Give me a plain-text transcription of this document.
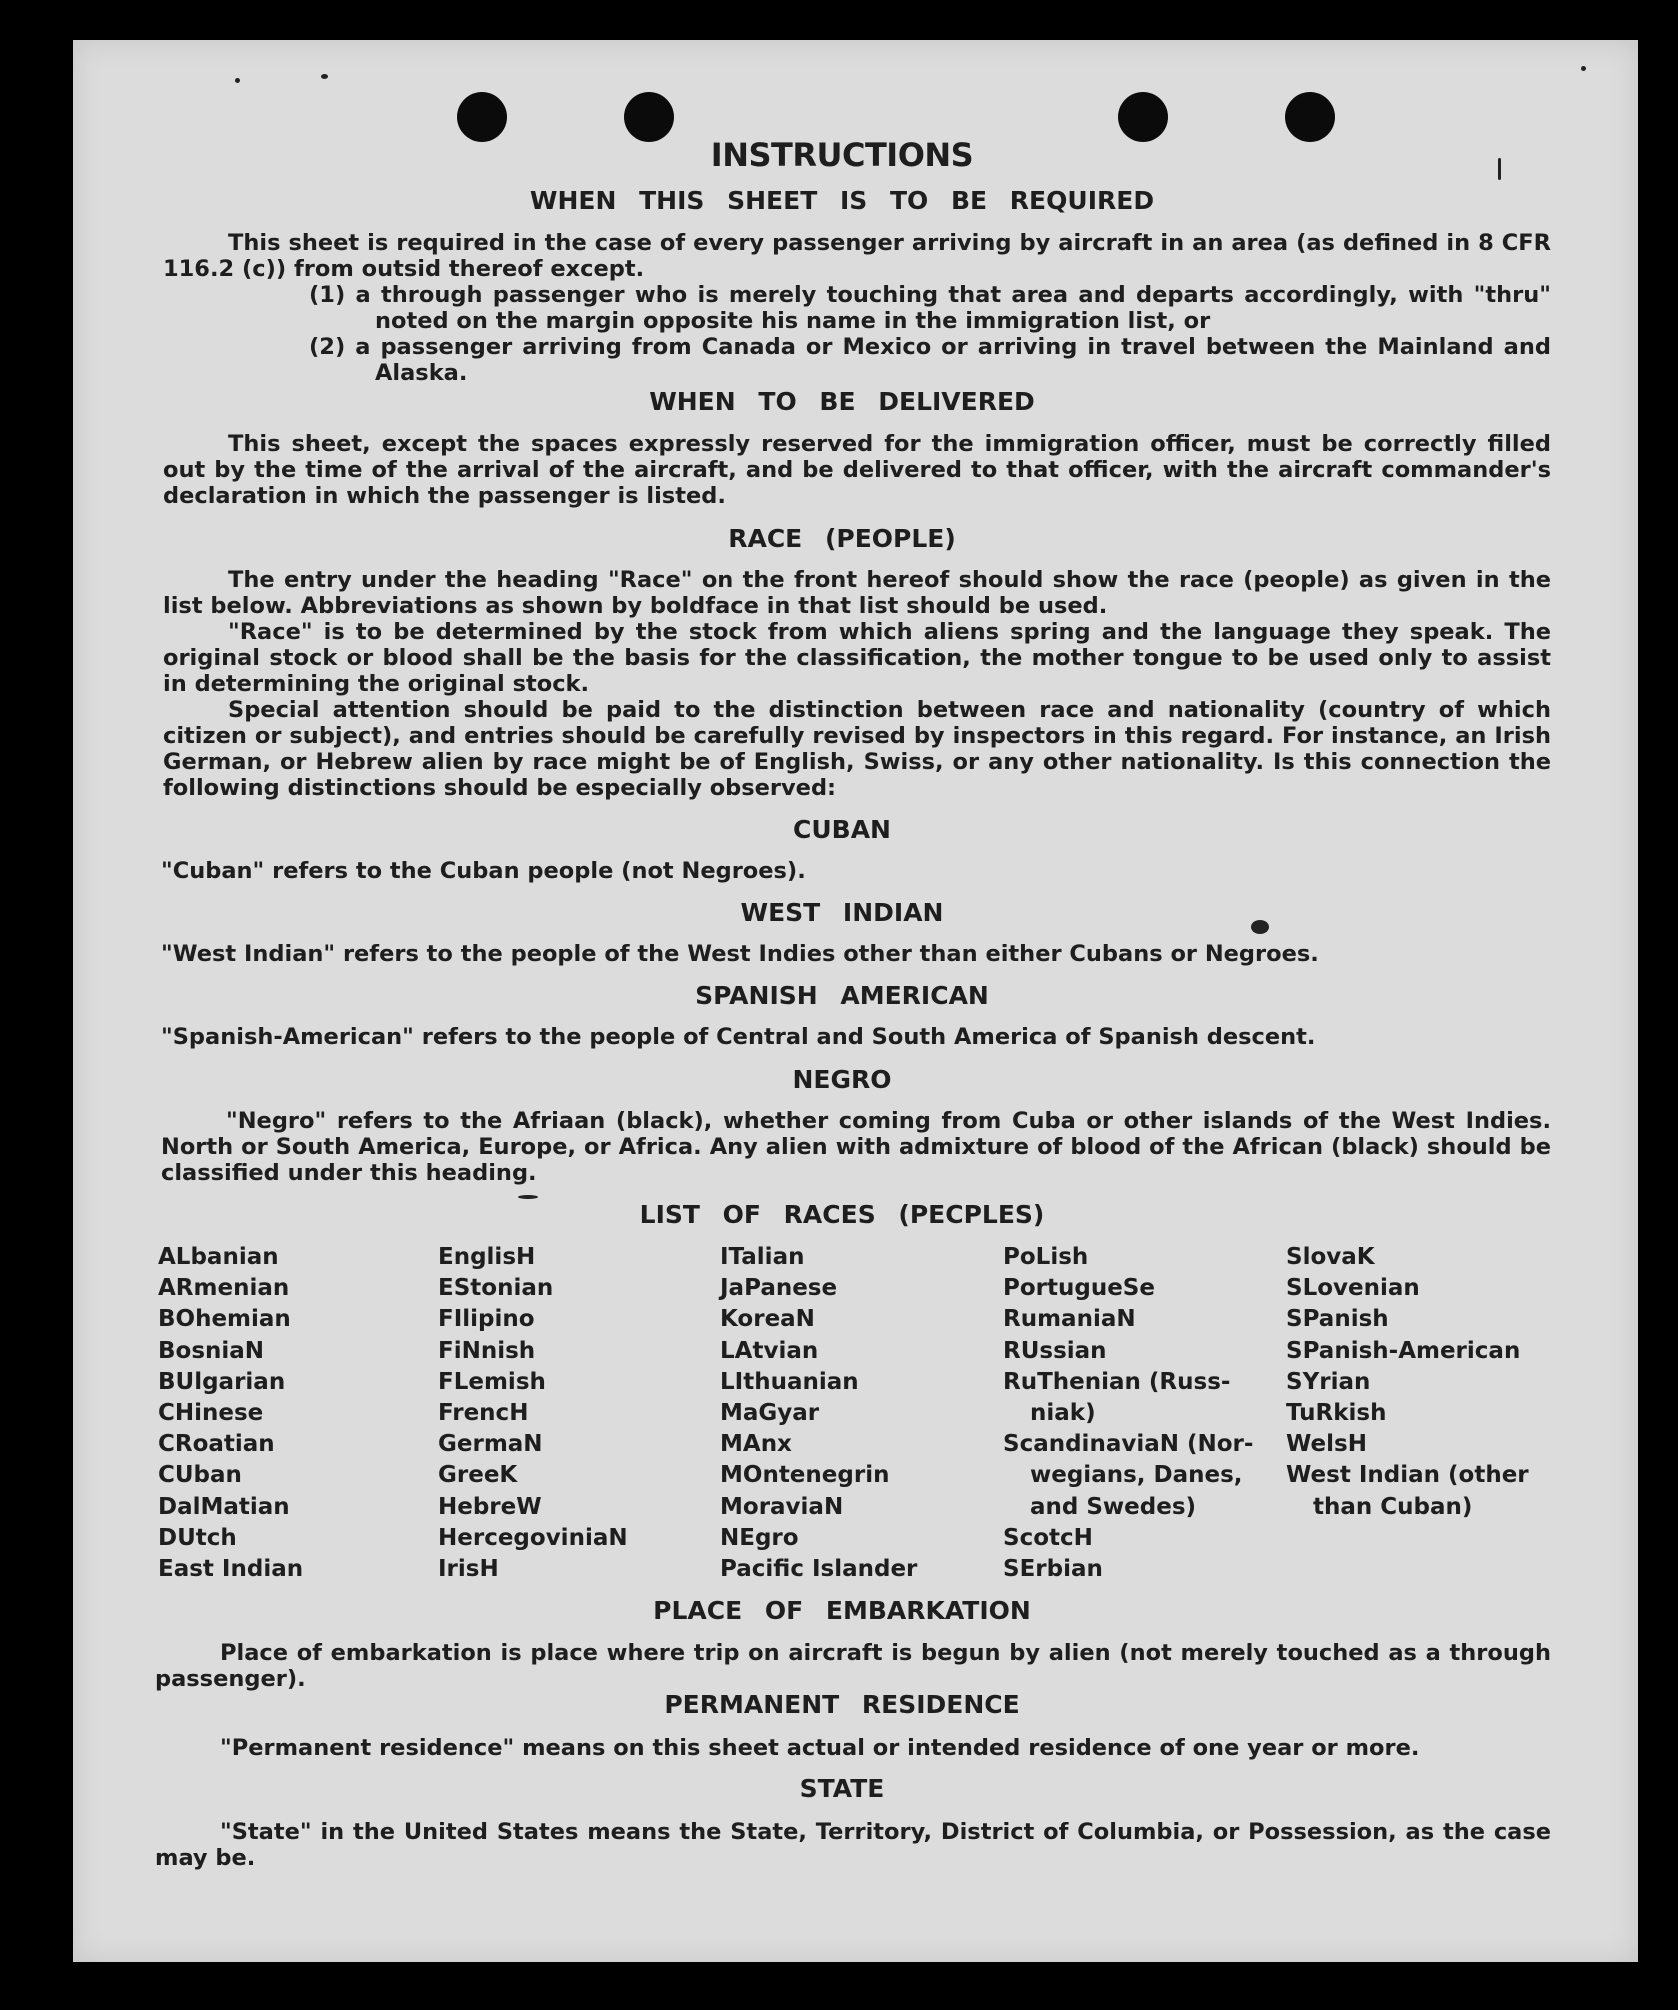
INSTRUCTIONS
WHEN THIS SHEET IS TO BE REQUIRED

This sheet is required in the case of every passenger arriving by aircraft in an area (as defined in 8 CFR 116.2 (c)) from outsid thereof except.

(1) a through passenger who is merely touching that area and departs accordingly, with "thru" noted on the margin opposite his name in the immigration list, or

(2) a passenger arriving from Canada or Mexico or arriving in travel between the Mainland and Alaska.

WHEN TO BE DELIVERED

This sheet, except the spaces expressly reserved for the immigration officer, must be correctly filled out by the time of the arrival of the aircraft, and be delivered to that officer, with the aircraft commander's declaration in which the passenger is listed.

RACE (PEOPLE)

The entry under the heading "Race" on the front hereof should show the race (people) as given in the list below. Abbreviations as shown by boldface in that list should be used.

"Race" is to be determined by the stock from which aliens spring and the language they speak. The original stock or blood shall be the basis for the classification, the mother tongue to be used only to assist in determining the original stock.

Special attention should be paid to the distinction between race and nationality (country of which citizen or subject), and entries should be carefully revised by inspectors in this regard. For instance, an Irish German, or Hebrew alien by race might be of English, Swiss, or any other nationality. Is this connection the following distinctions should be especially observed:

CUBAN

"Cuban" refers to the Cuban people (not Negroes).

WEST INDIAN

"West Indian" refers to the people of the West Indies other than either Cubans or Negroes.

SPANISH AMERICAN

"Spanish-American" refers to the people of Central and South America of Spanish descent.

NEGRO

"Negro" refers to the Afriaan (black), whether coming from Cuba or other islands of the West Indies. North or South America, Europe, or Africa. Any alien with admixture of blood of the African (black) should be classified under this heading.

LIST OF RACES (PECPLES)
ALbanian
ARmenian
BOhemian
BosniaN
BUlgarian
CHinese
CRoatian
CUban
DalMatian
DUtch
East Indian
EnglisH
EStonian
FIlipino
FiNnish
FLemish
FrencH
GermaN
GreeK
HebreW
HercegoviniaN
IrisH
ITalian
JaPanese
KoreaN
LAtvian
LIthuanian
MaGyar
MAnx
MOntenegrin
MoraviaN
NEgro
Pacific Islander
PoLish
PortugueSe
RumaniaN
RUssian
RuThenian (Russ-
niak)
ScandinaviaN (Nor-
wegians, Danes,
and Swedes)
ScotcH
SErbian
SlovaK
SLovenian
SPanish
SPanish-American
SYrian
TuRkish
WelsH
West Indian (other
than Cuban)
PLACE OF EMBARKATION

Place of embarkation is place where trip on aircraft is begun by alien (not merely touched as a through passenger).

PERMANENT RESIDENCE

"Permanent residence" means on this sheet actual or intended residence of one year or more.

STATE

"State" in the United States means the State, Territory, District of Columbia, or Possession, as the case may be.
